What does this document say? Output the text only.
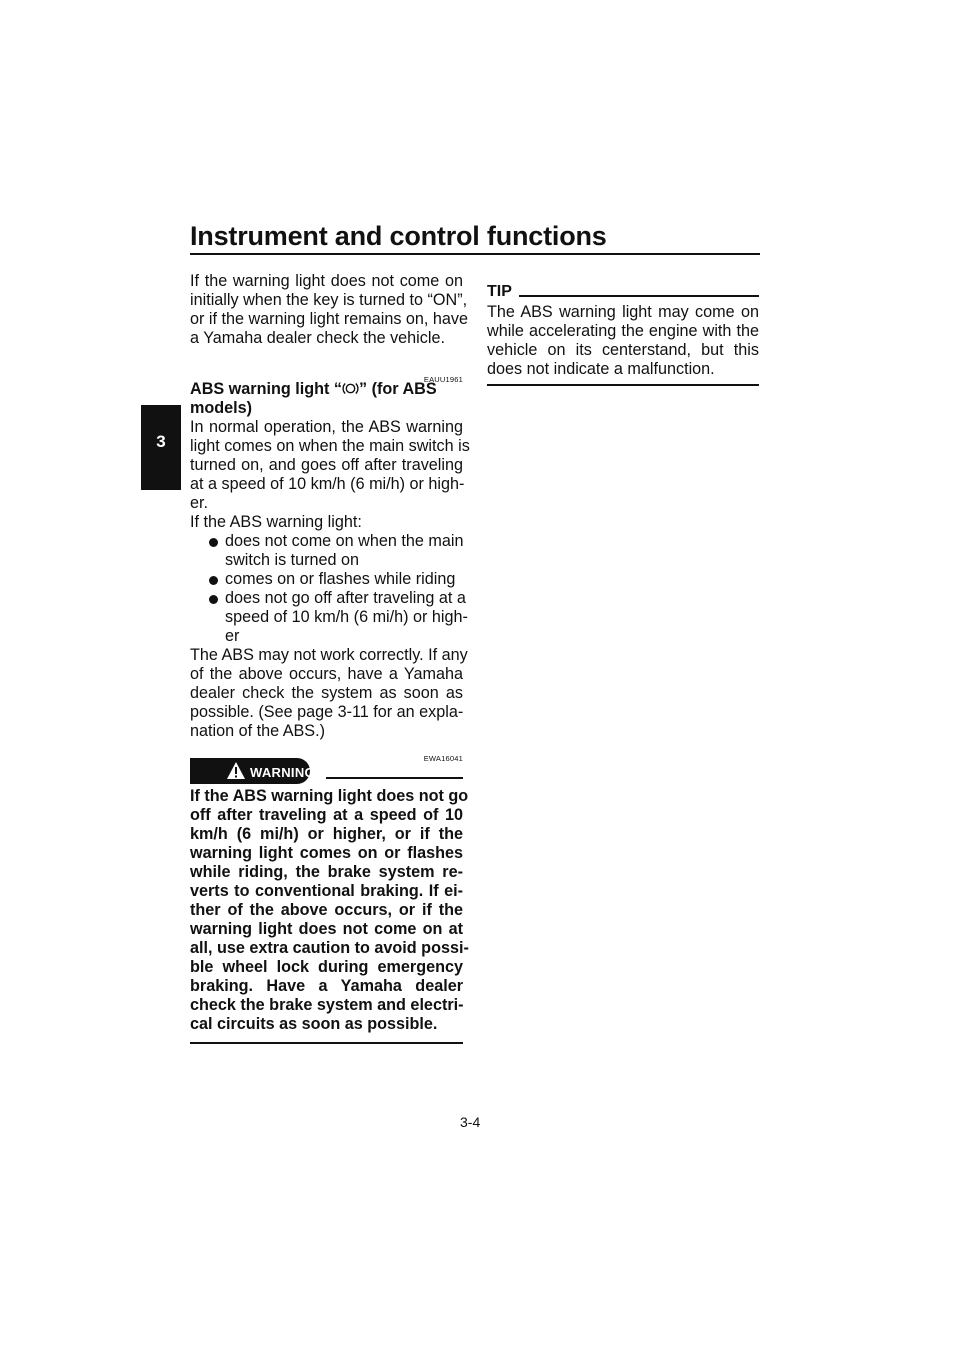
Instrument and control functions
3
If the warning light does not come on
initially when the key is turned to “ON”,
or if the warning light remains on, have
a Yamaha dealer check the vehicle.
EAUU1961
ABS warning light “ ” (for ABS
models)
In normal operation, the ABS warning
light comes on when the main switch is
turned on, and goes off after traveling
at a speed of 10 km/h (6 mi/h) or high-
er.
If the ABS warning light:
does not come on when the main
switch is turned on
comes on or flashes while riding
does not go off after traveling at a
speed of 10 km/h (6 mi/h) or high-
er
The ABS may not work correctly. If any
of the above occurs, have a Yamaha
dealer check the system as soon as
possible. (See page 3-11 for an expla-
nation of the ABS.)
EWA16041
WARNING
If the ABS warning light does not go
off after traveling at a speed of 10
km/h (6 mi/h) or higher, or if the
warning light comes on or flashes
while riding, the brake system re-
verts to conventional braking. If ei-
ther of the above occurs, or if the
warning light does not come on at
all, use extra caution to avoid possi-
ble wheel lock during emergency
braking. Have a Yamaha dealer
check the brake system and electri-
cal circuits as soon as possible.
TIP
The ABS warning light may come on
while accelerating the engine with the
vehicle on its centerstand, but this
does not indicate a malfunction.
3-4
